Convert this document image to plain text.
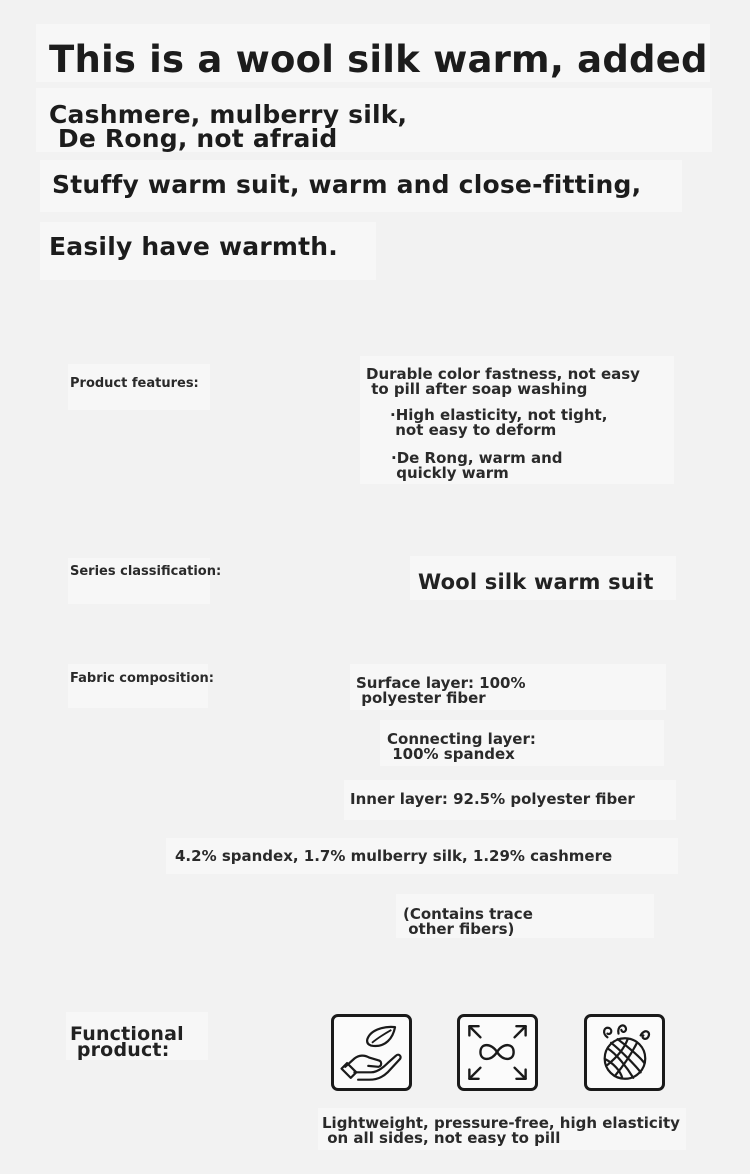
This is a wool silk warm, added
Cashmere, mulberry silk,
De Rong, not afraid
Stuffy warm suit, warm and close-fitting,
Easily have warmth.
Product features:
Durable color fastness, not easy
to pill after soap washing
·High elasticity, not tight,
not easy to deform
·De Rong, warm and
quickly warm
Series classification:	Wool silk warm suit
Fabric composition:	Surface layer: 100%
polyester fiber
Connecting layer:
100% spandex
Inner layer: 92.5% polyester fiber
4.2% spandex, 1.7% mulberry silk, 1.29% cashmere
(Contains trace
other fibers)
Functional
product:
Lightweight, pressure-free, high elasticity
on all sides, not easy to pill
